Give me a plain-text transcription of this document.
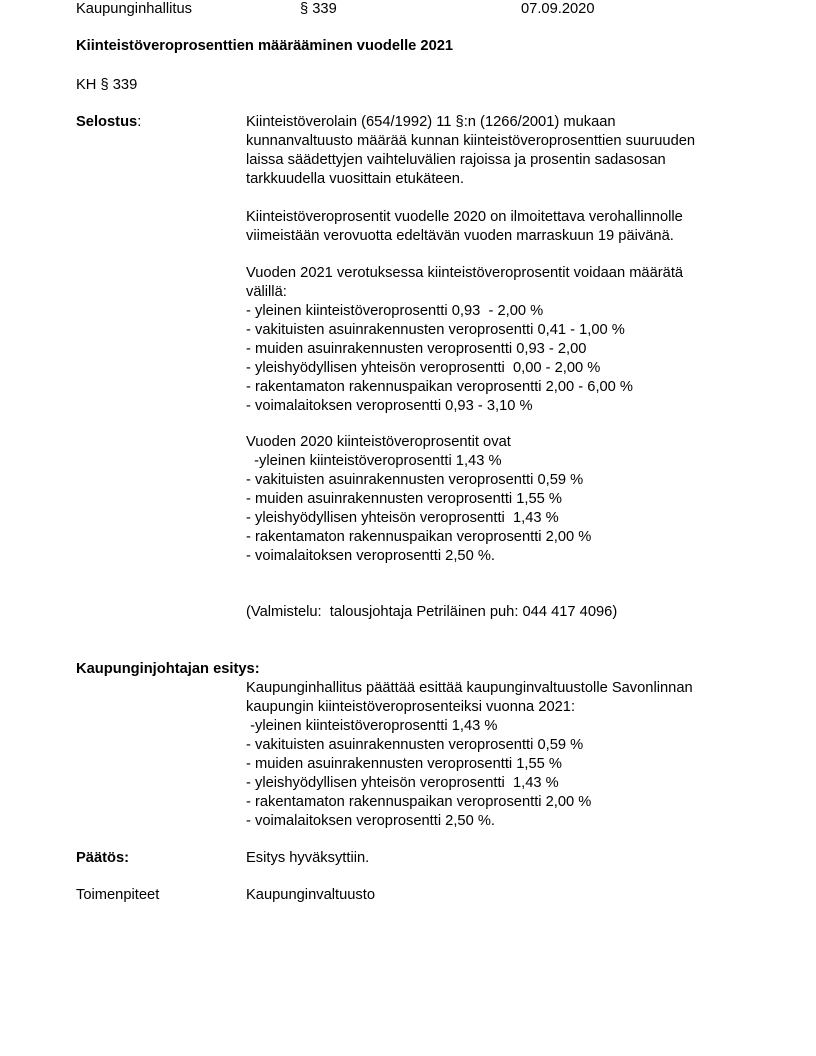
Kaupunginhallitus	§ 339	07.09.2020
Kiinteistöveroprosenttien määrääminen vuodelle 2021
KH § 339
Selostus:	Kiinteistöverolain (654/1992) 11 §:n (1266/2001) mukaan
kunnanvaltuusto määrää kunnan kiinteistöveroprosenttien suuruuden
laissa säädettyjen vaihteluvälien rajoissa ja prosentin sadasosan
tarkkuudella vuosittain etukäteen.
Kiinteistöveroprosentit vuodelle 2020 on ilmoitettava verohallinnolle
viimeistään verovuotta edeltävän vuoden marraskuun 19 päivänä.
Vuoden 2021 verotuksessa kiinteistöveroprosentit voidaan määrätä
välillä:
- yleinen kiinteistöveroprosentti 0,93  - 2,00 %
- vakituisten asuinrakennusten veroprosentti 0,41 - 1,00 %
- muiden asuinrakennusten veroprosentti 0,93 - 2,00
- yleishyödyllisen yhteisön veroprosentti  0,00 - 2,00 %
- rakentamaton rakennuspaikan veroprosentti 2,00 - 6,00 %
- voimalaitoksen veroprosentti 0,93 - 3,10 %
Vuoden 2020 kiinteistöveroprosentit ovat
-yleinen kiinteistöveroprosentti 1,43 %
- vakituisten asuinrakennusten veroprosentti 0,59 %
- muiden asuinrakennusten veroprosentti 1,55 %
- yleishyödyllisen yhteisön veroprosentti  1,43 %
- rakentamaton rakennuspaikan veroprosentti 2,00 %
- voimalaitoksen veroprosentti 2,50 %.
(Valmistelu:  talousjohtaja Petriläinen puh: 044 417 4096)
Kaupunginjohtajan esitys:
Kaupunginhallitus päättää esittää kaupunginvaltuustolle Savonlinnan
kaupungin kiinteistöveroprosenteiksi vuonna 2021:
-yleinen kiinteistöveroprosentti 1,43 %
- vakituisten asuinrakennusten veroprosentti 0,59 %
- muiden asuinrakennusten veroprosentti 1,55 %
- yleishyödyllisen yhteisön veroprosentti  1,43 %
- rakentamaton rakennuspaikan veroprosentti 2,00 %
- voimalaitoksen veroprosentti 2,50 %.
Päätös:	Esitys hyväksyttiin.
Toimenpiteet	Kaupunginvaltuusto
